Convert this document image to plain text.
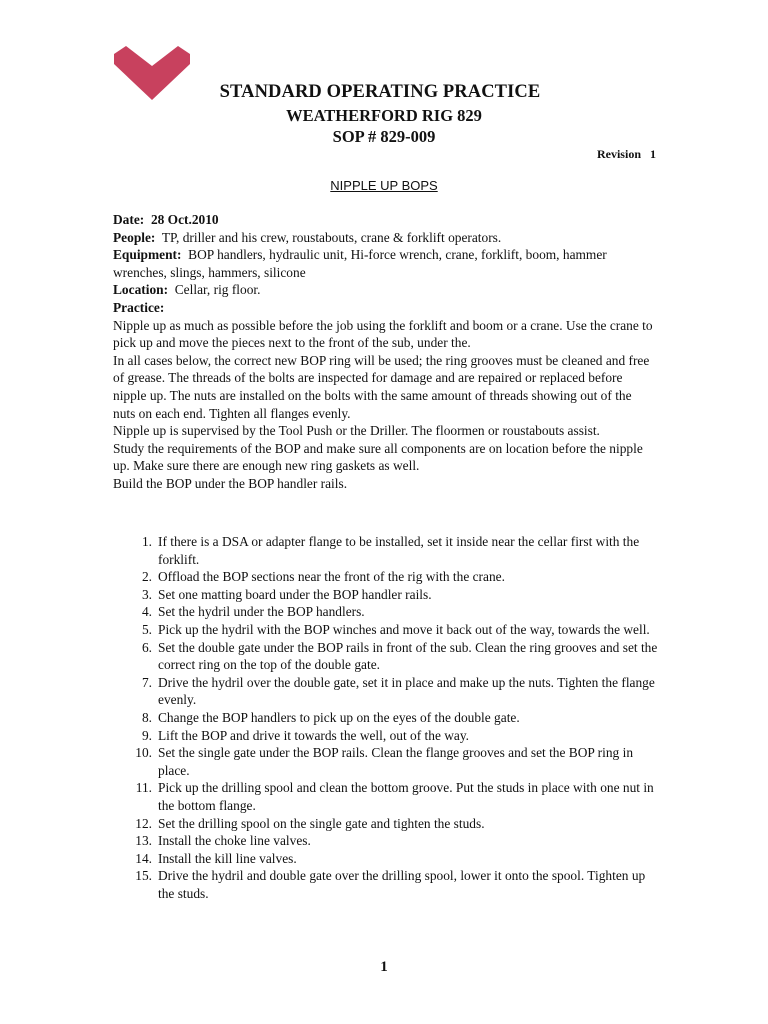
STANDARD OPERATING PRACTICE
WEATHERFORD RIG 829
SOP # 829-009
Revision 1
NIPPLE UP BOPS

Date: 28 Oct.2010

People: TP, driller and his crew, roustabouts, crane & forklift operators.

Equipment: BOP handlers, hydraulic unit, Hi-force wrench, crane, forklift, boom, hammer wrenches, slings, hammers, silicone

Location: Cellar, rig floor.

Practice:

Nipple up as much as possible before the job using the forklift and boom or a crane. Use the crane to pick up and move the pieces next to the front of the sub, under the.

In all cases below, the correct new BOP ring will be used; the ring grooves must be cleaned and free of grease. The threads of the bolts are inspected for damage and are repaired or replaced before nipple up. The nuts are installed on the bolts with the same amount of threads showing out of the nuts on each end. Tighten all flanges evenly.

Nipple up is supervised by the Tool Push or the Driller. The floormen or roustabouts assist.

Study the requirements of the BOP and make sure all components are on location before the nipple up. Make sure there are enough new ring gaskets as well.

Build the BOP under the BOP handler rails.

1. If there is a DSA or adapter flange to be installed, set it inside near the cellar first with the forklift.
2. Offload the BOP sections near the front of the rig with the crane.
3. Set one matting board under the BOP handler rails.
4. Set the hydril under the BOP handlers.
5. Pick up the hydril with the BOP winches and move it back out of the way, towards the well.
6. Set the double gate under the BOP rails in front of the sub. Clean the ring grooves and set the correct ring on the top of the double gate.
7. Drive the hydril over the double gate, set it in place and make up the nuts. Tighten the flange evenly.
8. Change the BOP handlers to pick up on the eyes of the double gate.
9. Lift the BOP and drive it towards the well, out of the way.
10. Set the single gate under the BOP rails. Clean the flange grooves and set the BOP ring in place.
11. Pick up the drilling spool and clean the bottom groove. Put the studs in place with one nut in the bottom flange.
12. Set the drilling spool on the single gate and tighten the studs.
13. Install the choke line valves.
14. Install the kill line valves.
15. Drive the hydril and double gate over the drilling spool, lower it onto the spool. Tighten up the studs.
1
